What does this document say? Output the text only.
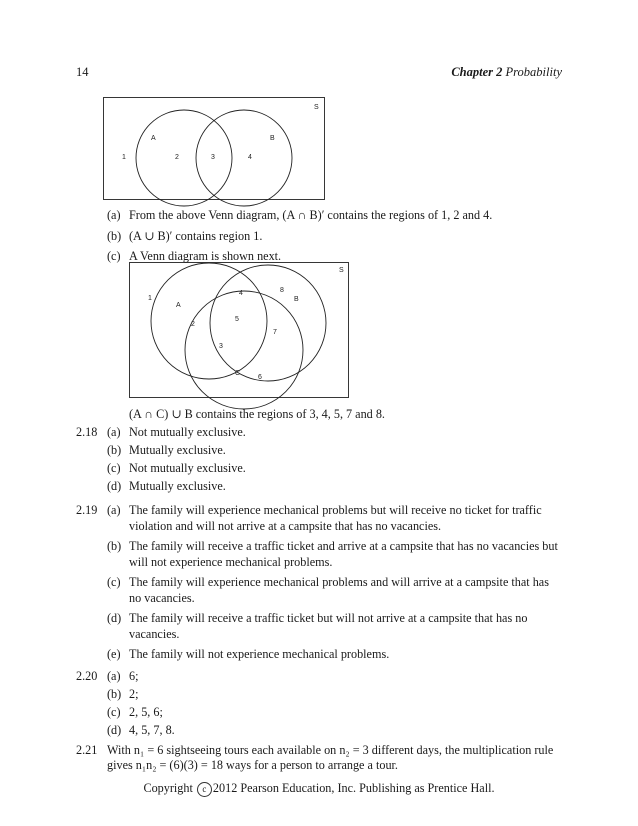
14	Chapter 2 Probability
S
A	B
1	2	3	4
S
A
B
C
1
2
3
4
5
6
7
8
(a) From the above Venn diagram, (A ∩ B)′ contains the regions of 1, 2 and 4.
(b) (A ∪ B)′ contains region 1.
(c) A Venn diagram is shown next.
(A ∩ C) ∪ B contains the regions of 3, 4, 5, 7 and 8.
2.18 (a) Not mutually exclusive.
(b) Mutually exclusive.
(c) Not mutually exclusive.
(d) Mutually exclusive.
2.19 (a) The family will experience mechanical problems but will receive no ticket for traffic
violation and will not arrive at a campsite that has no vacancies.
(b) The family will receive a traffic ticket and arrive at a campsite that has no vacancies but
will not experience mechanical problems.
(c) The family will experience mechanical problems and will arrive at a campsite that has
no vacancies.
(d) The family will receive a traffic ticket but will not arrive at a campsite that has no
vacancies.
(e) The family will not experience mechanical problems.
2.20 (a) 6;
(b) 2;
(c) 2, 5, 6;
(d) 4, 5, 7, 8.
Copyright c 2012 Pearson Education, Inc. Publishing as Prentice Hall.
2.21 With n₁ = 6 sightseeing tours each available on n₂ = 3 different days, the multiplication rule
gives n₁n₂ = (6)(3) = 18 ways for a person to arrange a tour.
